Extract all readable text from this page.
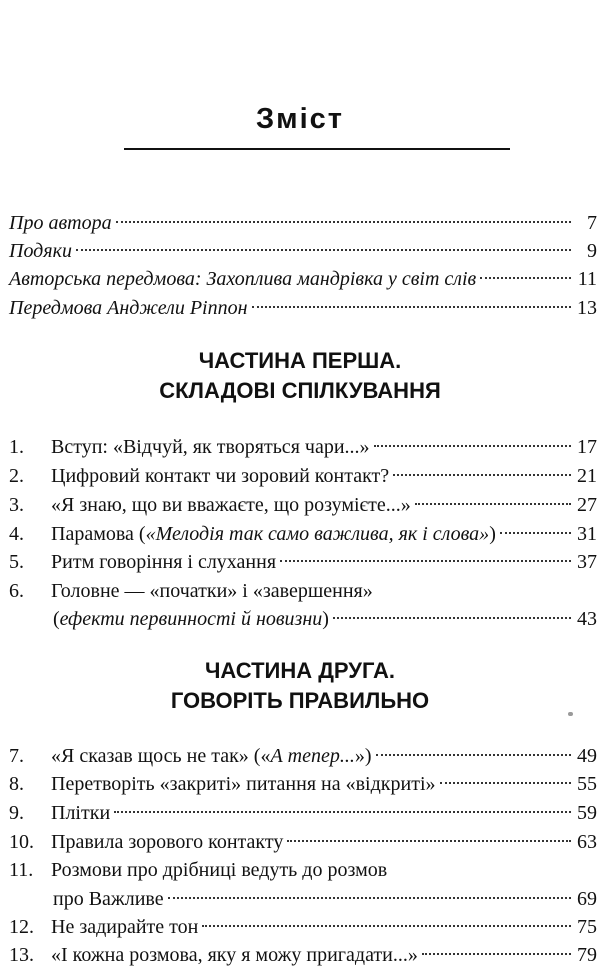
Зміст
Про автора	7
Подяки	9
Авторська передмова: Захоплива мандрівка у світ слів	11
Передмова Анджели Ріппон	13
ЧАСТИНА ПЕРША.
СКЛАДОВІ СПІЛКУВАННЯ
1.	Вступ: «Відчуй, як творяться чари...»	17
2.	Цифровий контакт чи зоровий контакт?	21
3.	«Я знаю, що ви вважаєте, що розумієте...»	27
4.	Парамова («Мелодія так само важлива, як і слова»)	31
5.	Ритм говоріння і слухання	37
6.	Головне — «початки» і «завершення»
(ефекти первинності й новизни)	43
ЧАСТИНА ДРУГА.
ГОВОРІТЬ ПРАВИЛЬНО
7.	«Я сказав щось не так» («А тепер...»)	49
8.	Перетворіть «закриті» питання на «відкриті»	55
9.	Плітки	59
10. Правила зорового контакту	63
11. Розмови про дрібниці ведуть до розмов
про Важливе	69
12. Не задирайте тон	75
13. «І кожна розмова, яку я можу пригадати...»	79
